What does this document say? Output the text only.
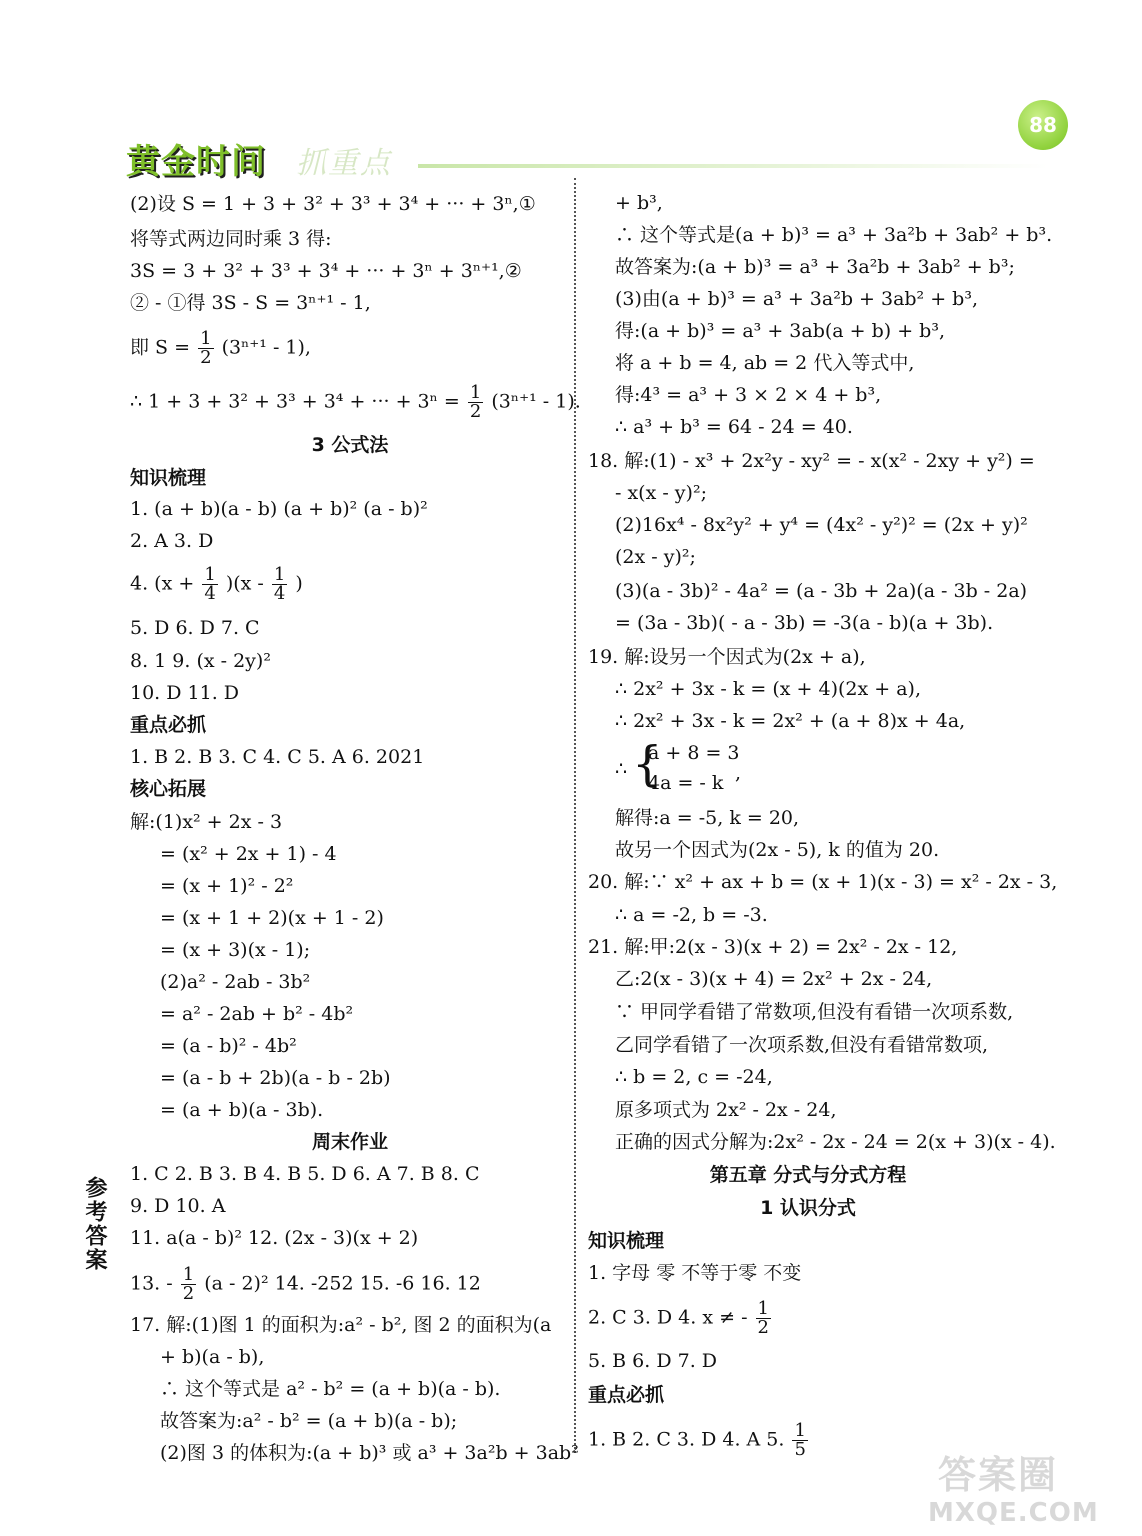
黄金时间 抓重点
88
参考答案
(2)设 S = 1 + 3 + 3² + 3³ + 3⁴ + ··· + 3ⁿ,①
将等式两边同时乘 3 得:
3S = 3 + 3² + 3³ + 3⁴ + ··· + 3ⁿ + 3ⁿ⁺¹,②
② - ①得 3S - S = 3ⁿ⁺¹ - 1,
即 $S = \frac{1}{2} (3^{n+1} - 1)$,
∴ 1 + 3 + 3² + 3³ + 3⁴ + ··· + $3^n = \frac{1}{2} (3^{n+1} - 1)$.
3 公式法
知识梳理
1. (a + b)(a - b) (a + b)² (a - b)²
2. A 3. D
4. $(x + \frac{1}{4} )(x - \frac{1}{4}$ )
5. D 6. D 7. C
8. 1 9. (x - 2y)²
10. D 11. D
重点必抓
1. B 2. B 3. C 4. C 5. A 6. 2021
核心拓展
解:(1)x² + 2x - 3
= (x² + 2x + 1) - 4
= (x + 1)² - 2²
= (x + 1 + 2)(x + 1 - 2)
= (x + 3)(x - 1);
(2)a² - 2ab - 3b²
= a² - 2ab + b² - 4b²
= (a - b)² - 4b²
= (a - b + 2b)(a - b - 2b)
= (a + b)(a - 3b).
周末作业
1. C 2. B 3. B 4. B 5. D 6. A 7. B 8. C
9. D 10. A
11. a(a - b)² 12. (2x - 3)(x + 2)
13. - $\frac{1}{2} (a - 2)^2$ 14. -252 15. -6 16. 12
17. 解:(1)图 1 的面积为:a² - b², 图 2 的面积为(a
+ b)(a - b),
∴ 这个等式是 a² - b² = (a + b)(a - b).
故答案为:a² - b² = (a + b)(a - b);
(2)图 3 的体积为:(a + b)³ 或 a³ + 3a²b + 3ab²
+ b³,
∴ 这个等式是(a + b)³ = a³ + 3a²b + 3ab² + b³.
故答案为:(a + b)³ = a³ + 3a²b + 3ab² + b³;
(3)由(a + b)³ = a³ + 3a²b + 3ab² + b³,
得:(a + b)³ = a³ + 3ab(a + b) + b³,
将 a + b = 4, ab = 2 代入等式中,
得:4³ = a³ + 3 × 2 × 4 + b³,
∴ a³ + b³ = 64 - 24 = 40.
18. 解:(1) - x³ + 2x²y - xy² = - x(x² - 2xy + y²) =
- x(x - y)²;
(2)16x⁴ - 8x²y² + y⁴ = (4x² - y²)² = (2x + y)²
(2x - y)²;
(3)(a - 3b)² - 4a² = (a - 3b + 2a)(a - 3b - 2a)
= (3a - 3b)( - a - 3b) = -3(a - b)(a + 3b).
19. 解:设另一个因式为(2x + a),
∴ 2x² + 3x - k = (x + 4)(2x + a),
∴ 2x² + 3x - k = 2x² + (a + 8)x + 4a,
∴ {
a + 8 = 3
4a = - k ,
解得:a = -5, k = 20,
故另一个因式为(2x - 5), k 的值为 20.
20. 解:∵ x² + ax + b = (x + 1)(x - 3) = x² - 2x - 3,
∴ a = -2, b = -3.
21. 解:甲:2(x - 3)(x + 2) = 2x² - 2x - 12,
乙:2(x - 3)(x + 4) = 2x² + 2x - 24,
∵ 甲同学看错了常数项,但没有看错一次项系数,
乙同学看错了一次项系数,但没有看错常数项,
∴ b = 2, c = -24,
原多项式为 2x² - 2x - 24,
正确的因式分解为:2x² - 2x - 24 = 2(x + 3)(x - 4).
第五章 分式与分式方程
1 认识分式
知识梳理
1. 字母 零 不等于零 不变
2. C 3. D 4. x ≠ - $\frac{1}{2}$
5. B 6. D 7. D
重点必抓
1. B 2. C 3. D 4. A 5. $\frac{1}{5}$
答案圈
MXQE.COM
